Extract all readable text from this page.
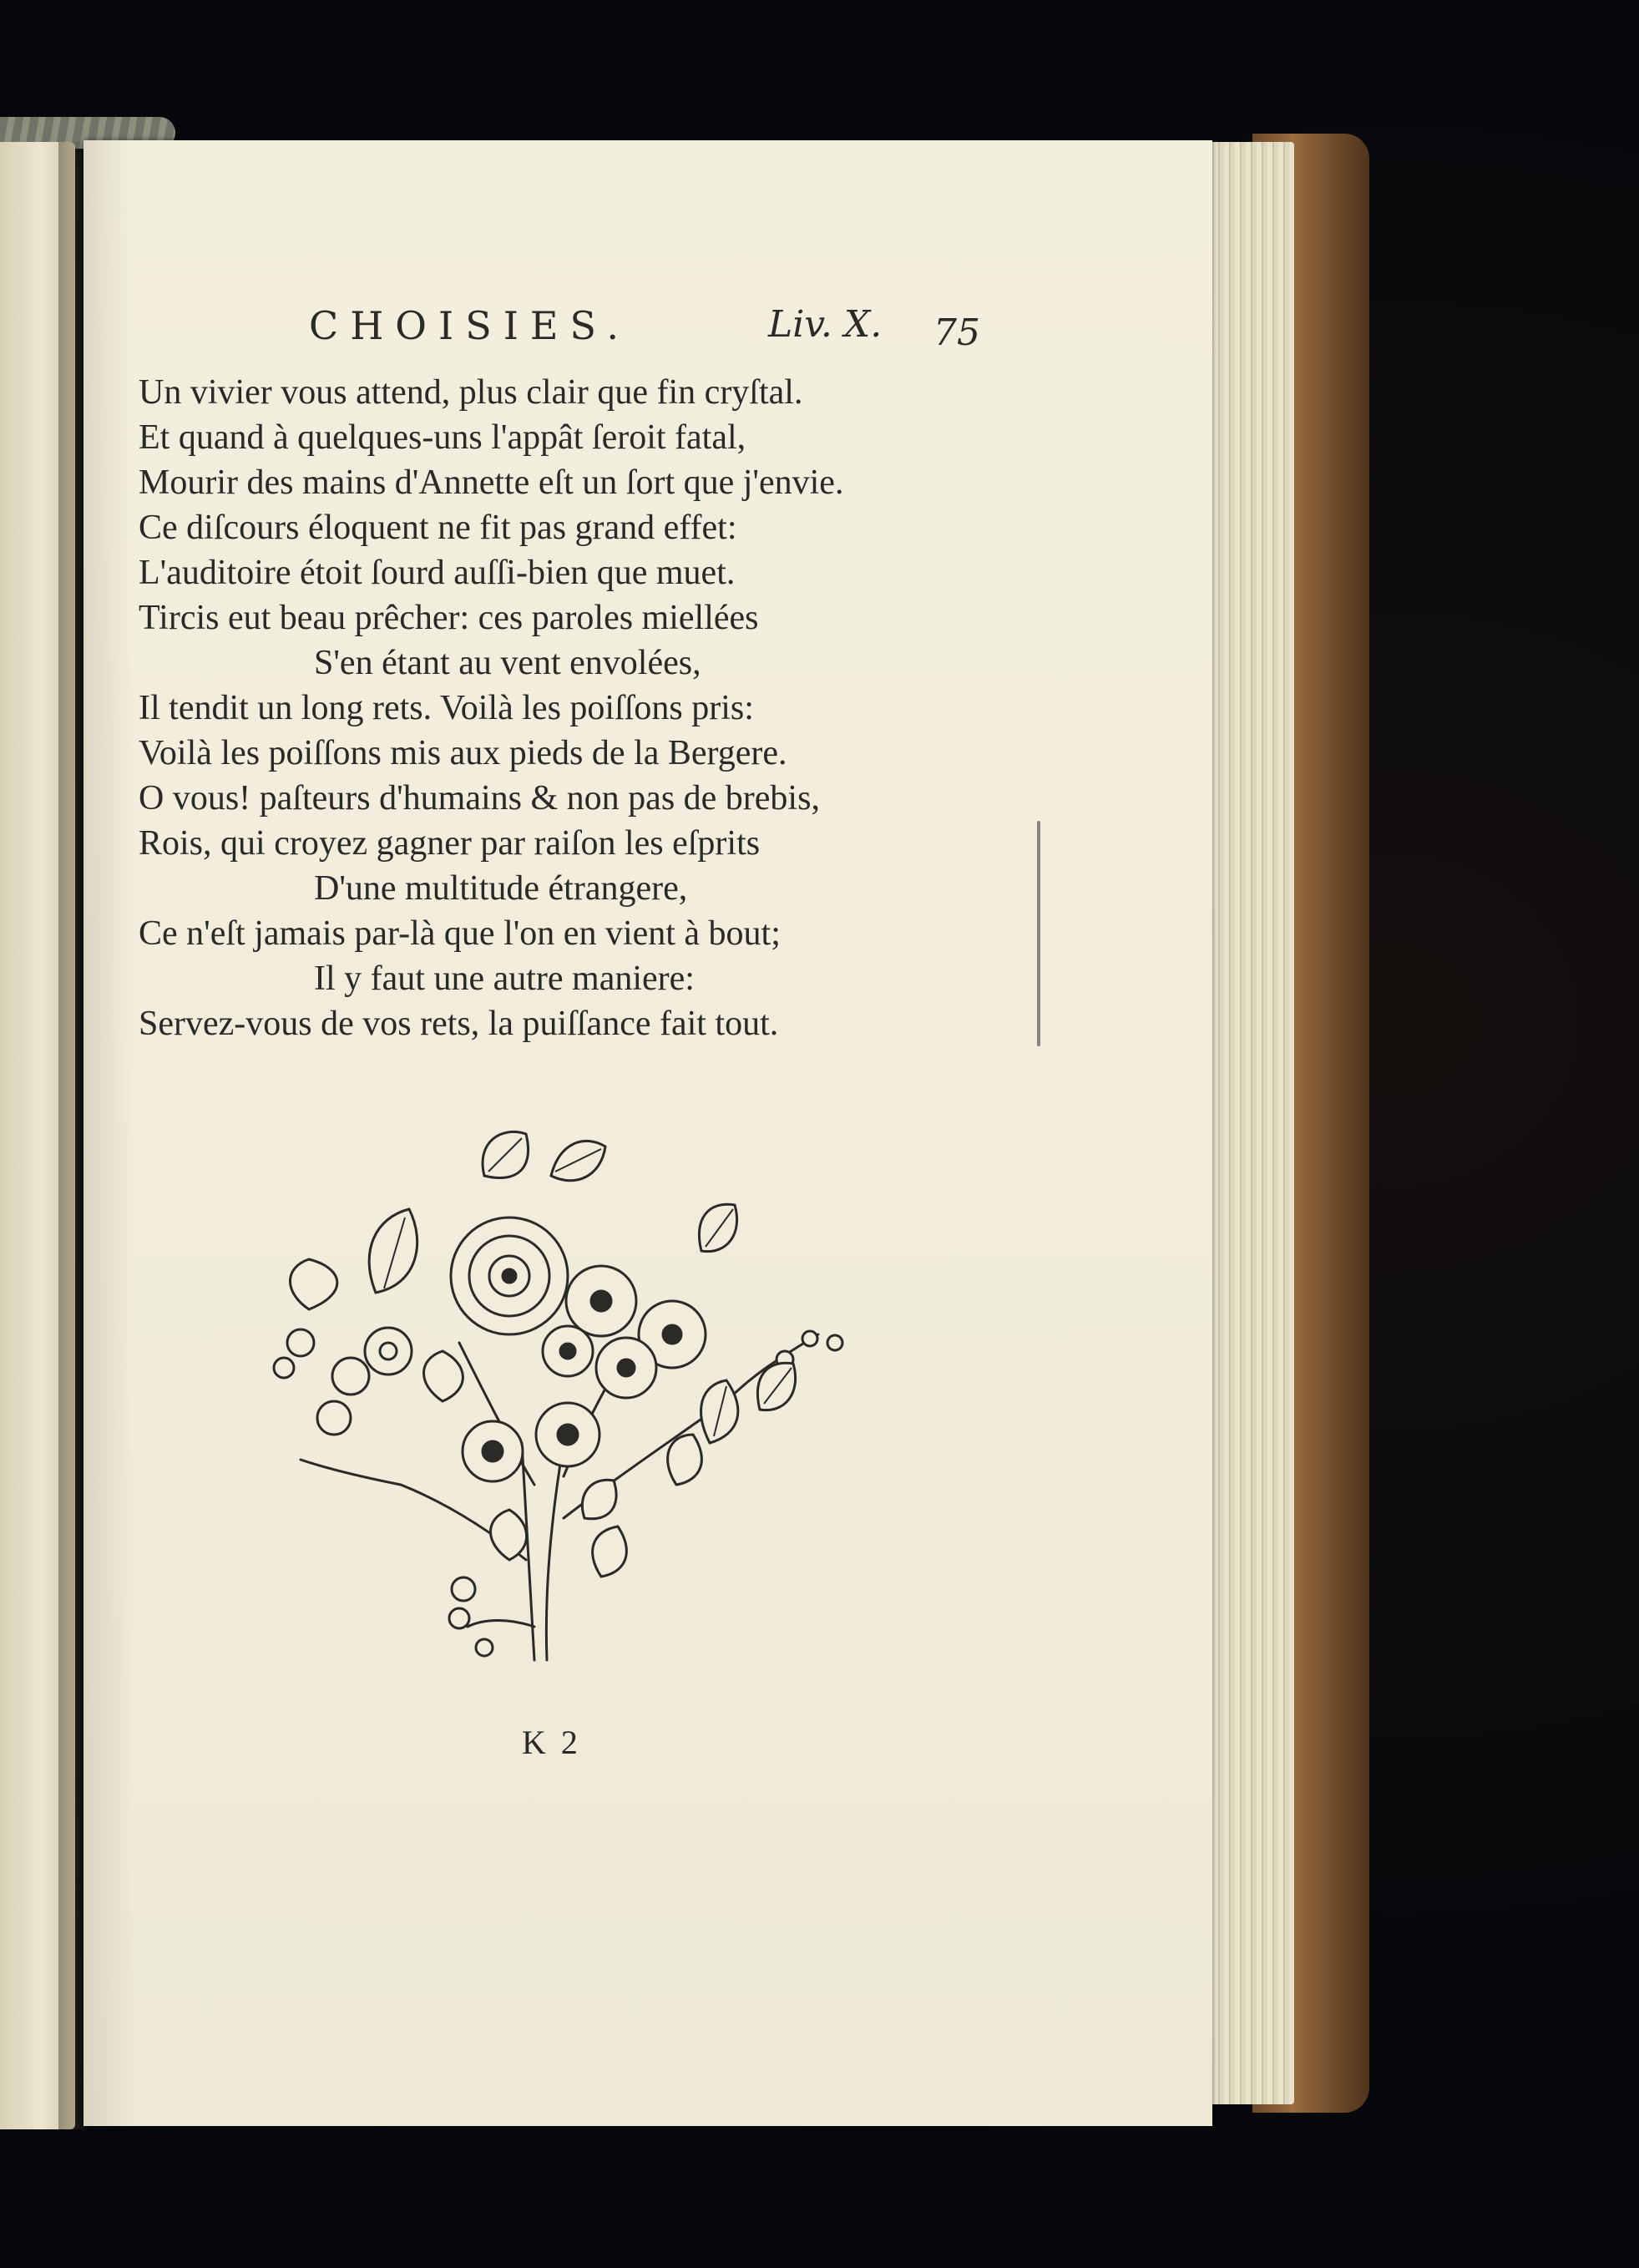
CHOISIES.	Liv. X. 75
Un vivier vous attend, plus clair que fin cryſtal.
Et quand à quelques-uns l'appât ſeroit fatal,
Mourir des mains d'Annette eſt un ſort que j'envie.
Ce diſcours éloquent ne fit pas grand effet:
L'auditoire étoit ſourd auſſi-bien que muet.
Tircis eut beau prêcher: ces paroles miellées
S'en étant au vent envolées,
Il tendit un long rets. Voilà les poiſſons pris:
Voilà les poiſſons mis aux pieds de la Bergere.
O vous! paſteurs d'humains & non pas de brebis,
Rois, qui croyez gagner par raiſon les eſprits
D'une multitude étrangere,
Ce n'eſt jamais par-là que l'on en vient à bout;
Il y faut une autre maniere:
Servez-vous de vos rets, la puiſſance fait tout.
K 2
